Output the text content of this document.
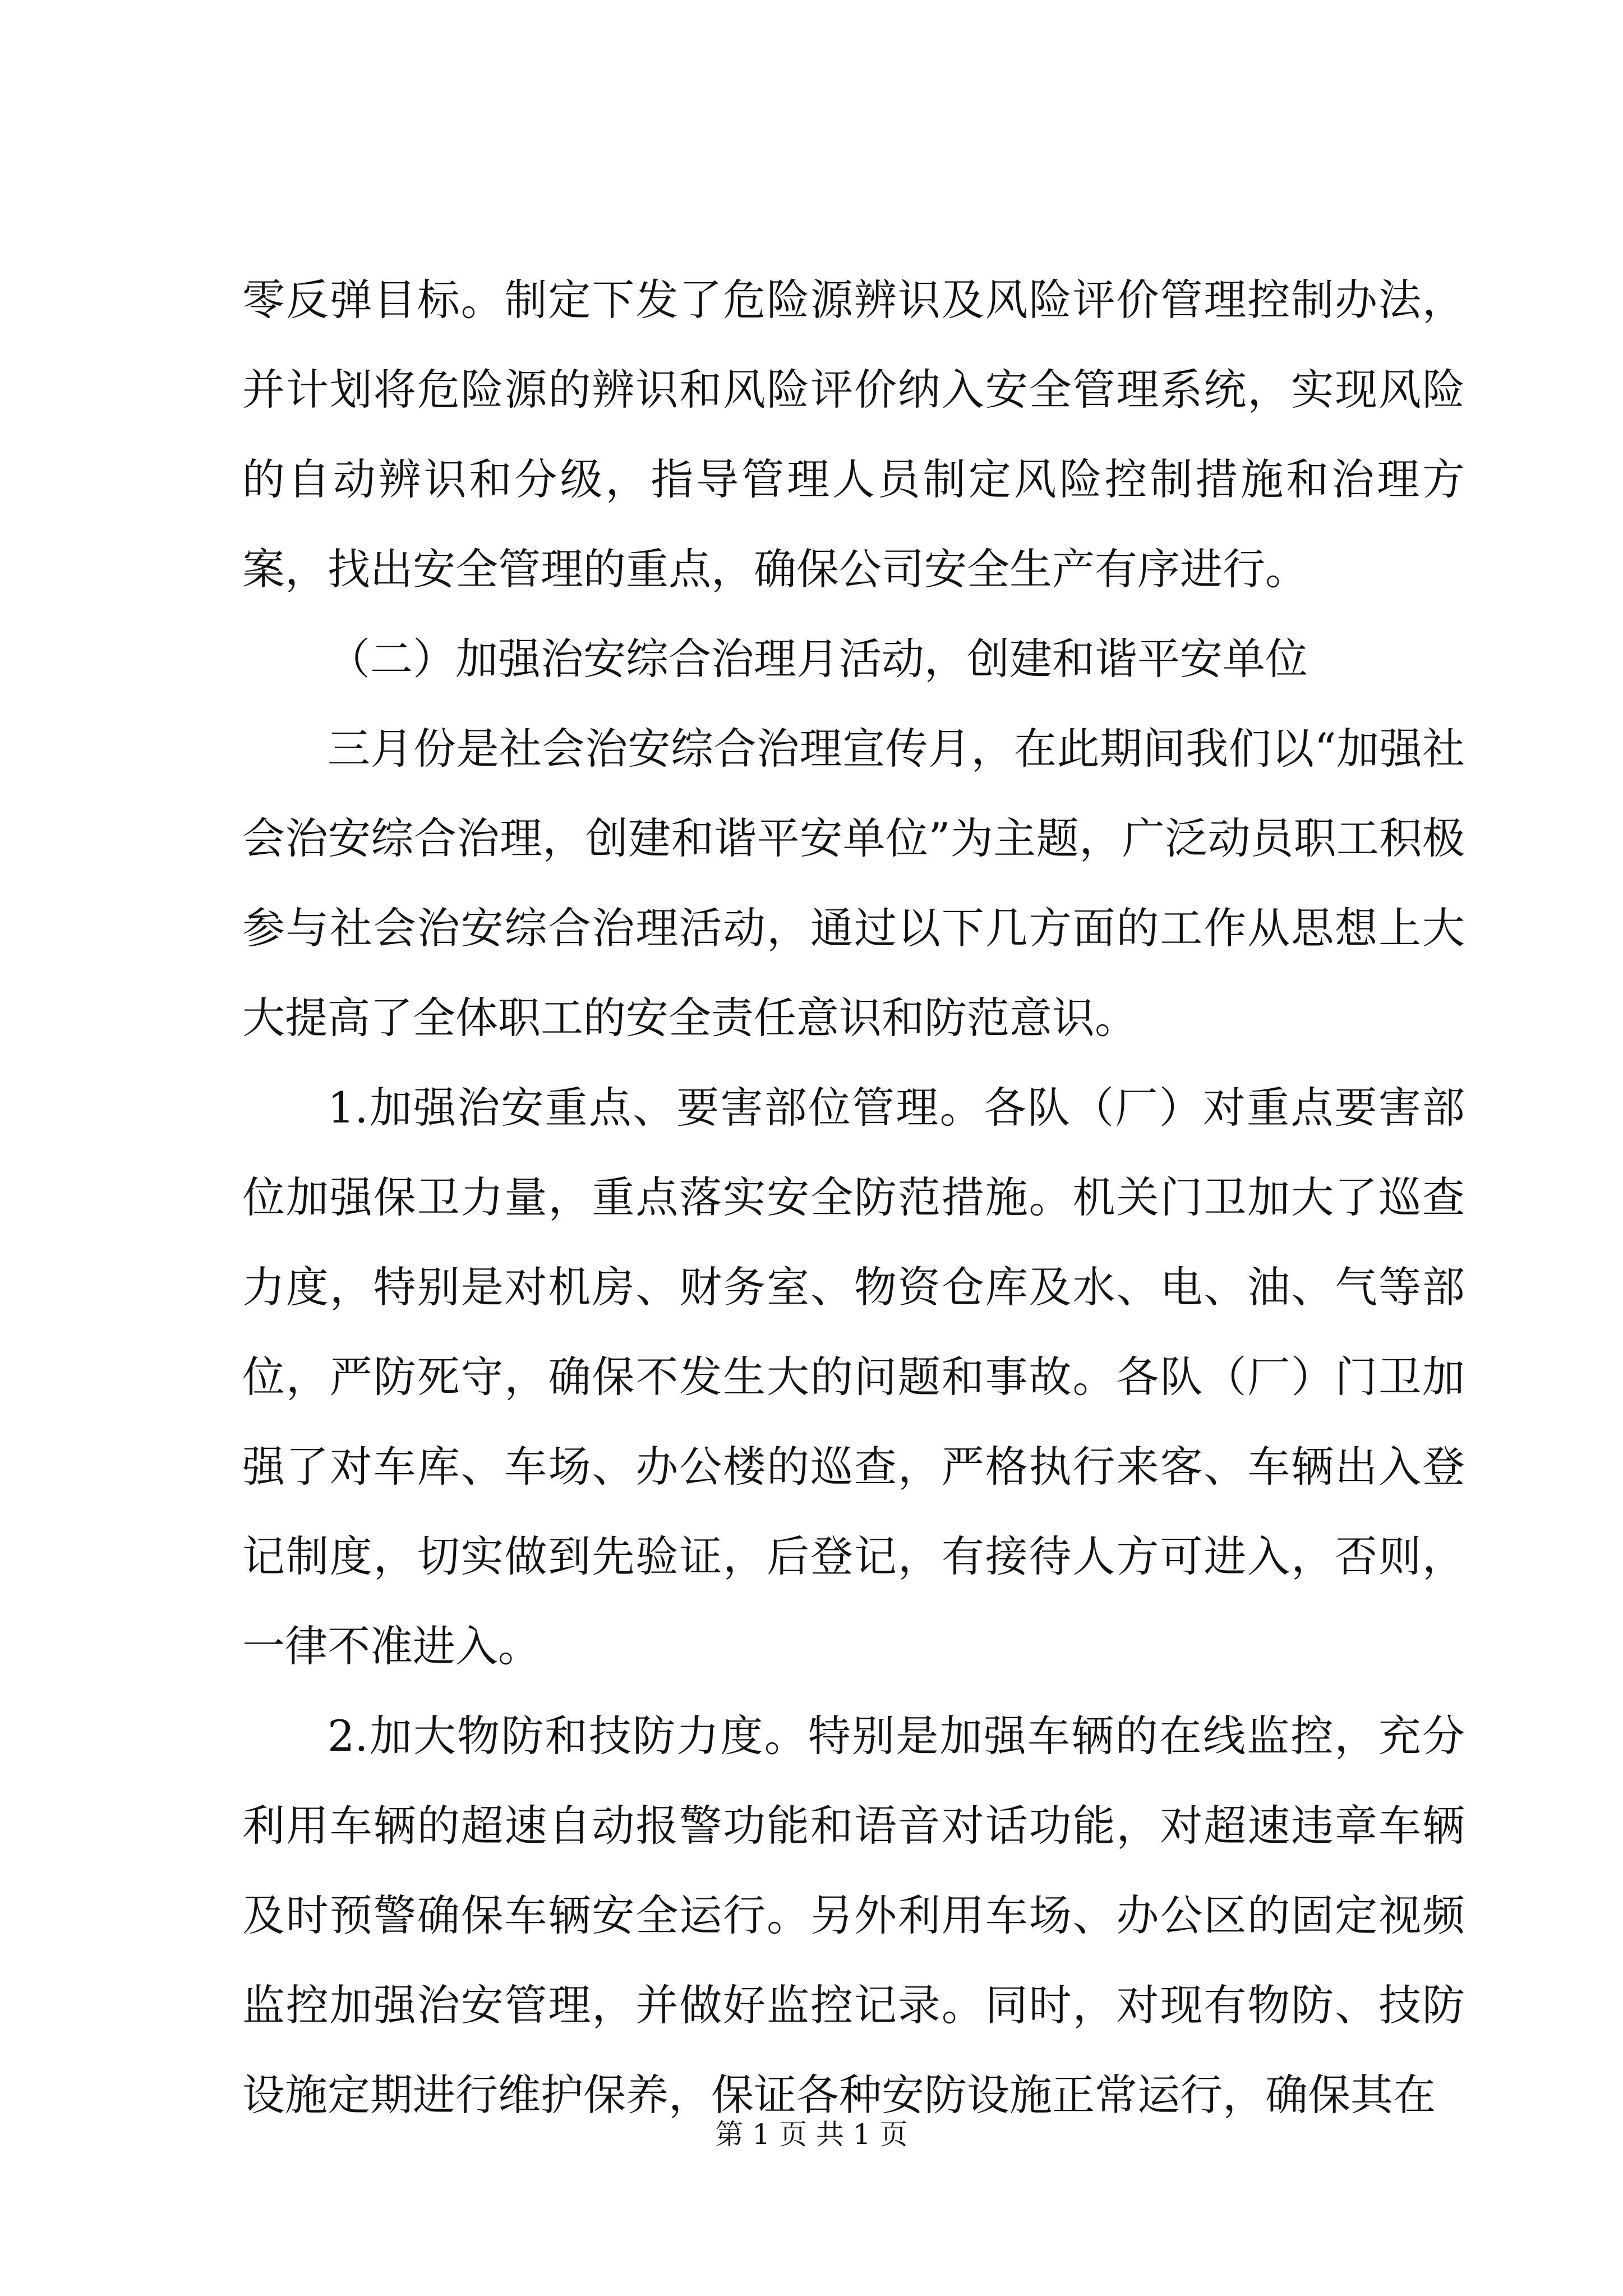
零反弹目标。制定下发了危险源辨识及风险评价管理控制办法，并计划将危险源的辨识和风险评价纳入安全管理系统，实现风险的自动辨识和分级，指导管理人员制定风险控制措施和治理方案，找出安全管理的重点，确保公司安全生产有序进行。

（二）加强治安综合治理月活动，创建和谐平安单位

三月份是社会治安综合治理宣传月，在此期间我们以“加强社会治安综合治理，创建和谐平安单位”为主题，广泛动员职工积极参与社会治安综合治理活动，通过以下几方面的工作从思想上大大提高了全体职工的安全责任意识和防范意识。

1.加强治安重点、要害部位管理。各队（厂）对重点要害部位加强保卫力量，重点落实安全防范措施。机关门卫加大了巡查力度，特别是对机房、财务室、物资仓库及水、电、油、气等部位，严防死守，确保不发生大的问题和事故。各队（厂）门卫加强了对车库、车场、办公楼的巡查，严格执行来客、车辆出入登记制度，切实做到先验证，后登记，有接待人方可进入，否则，一律不准进入。

2.加大物防和技防力度。特别是加强车辆的在线监控，充分利用车辆的超速自动报警功能和语音对话功能，对超速违章车辆及时预警确保车辆安全运行。另外利用车场、办公区的固定视频监控加强治安管理，并做好监控记录。同时，对现有物防、技防设施定期进行维护保养，保证各种安防设施正常运行，确保其在

第 1 页 共 1 页
